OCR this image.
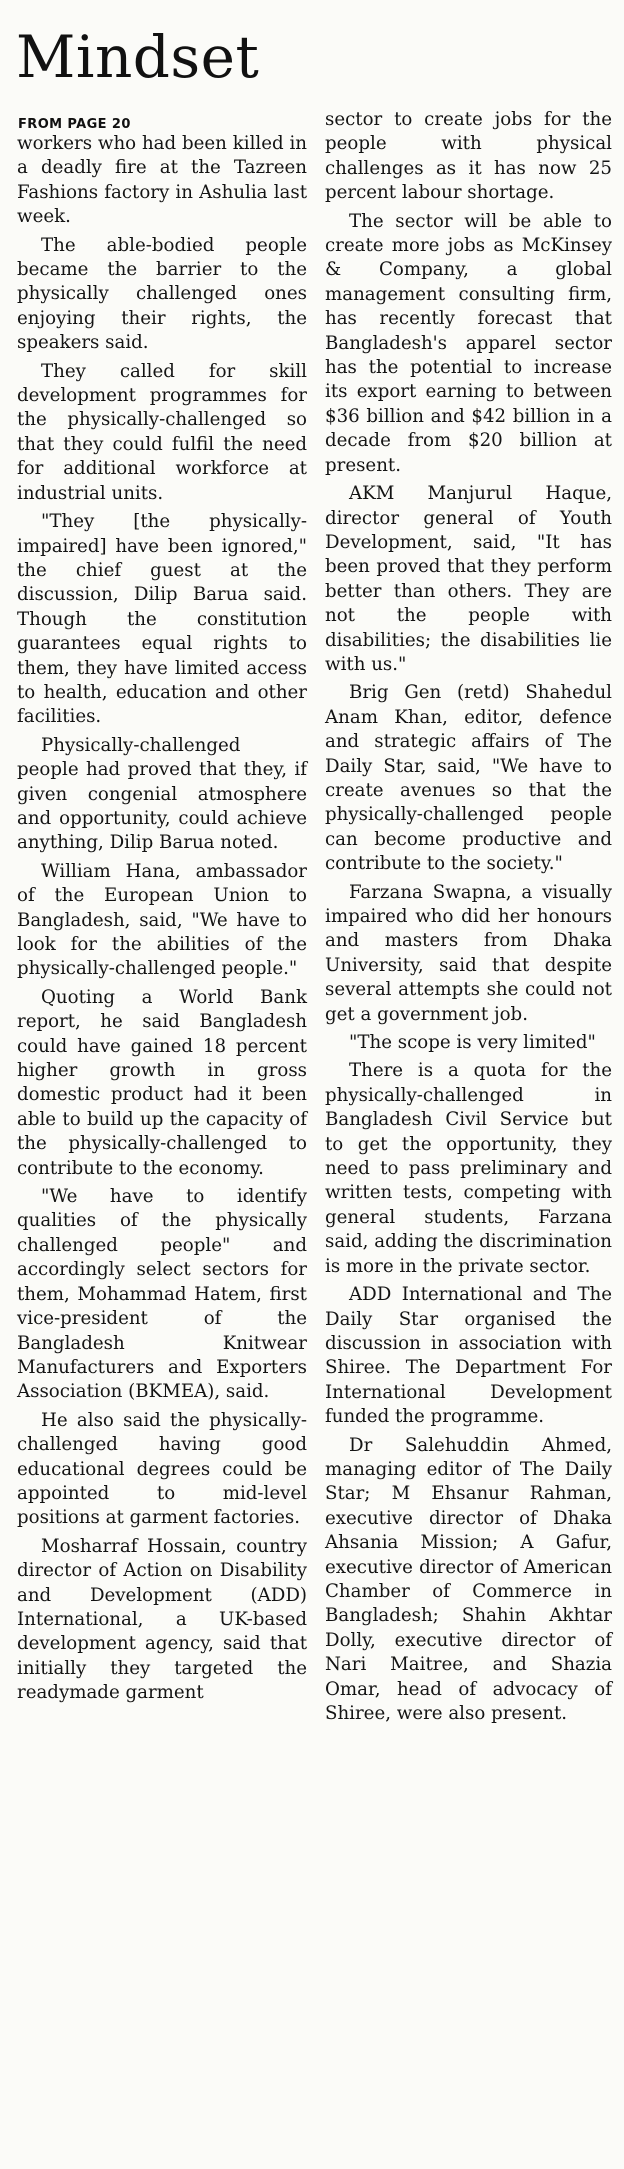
Mindset
FROM PAGE 20

workers who had been killed in a deadly fire at the Tazreen Fashions factory in Ashulia last week.

The able-bodied people became the barrier to the physically challenged ones enjoying their rights, the speakers said.

They called for skill development programmes for the physically-challenged so that they could fulfil the need for additional workforce at industrial units.

"They [the physically-impaired] have been ignored," the chief guest at the discussion, Dilip Barua said. Though the constitution guarantees equal rights to them, they have limited access to health, education and other facilities.

Physically-challenged people had proved that they, if given congenial atmosphere and opportunity, could achieve anything, Dilip Barua noted.

William Hana, ambassador of the European Union to Bangladesh, said, "We have to look for the abilities of the physically-challenged people."

Quoting a World Bank report, he said Bangladesh could have gained 18 percent higher growth in gross domestic product had it been able to build up the capacity of the physically-challenged to contribute to the economy.

"We have to identify qualities of the physically challenged people" and accordingly select sectors for them, Mohammad Hatem, first vice-president of the Bangladesh Knitwear Manufacturers and Exporters Association (BKMEA), said.

He also said the physically-challenged having good educational degrees could be appointed to mid-level positions at garment factories.

Mosharraf Hossain, country director of Action on Disability and Development (ADD) International, a UK-based development agency, said that initially they targeted the readymade garment

sector to create jobs for the people with physical challenges as it has now 25 percent labour shortage.

The sector will be able to create more jobs as McKinsey & Company, a global management consulting firm, has recently forecast that Bangladesh's apparel sector has the potential to increase its export earning to between $36 billion and $42 billion in a decade from $20 billion at present.

AKM Manjurul Haque, director general of Youth Development, said, "It has been proved that they perform better than others. They are not the people with disabilities; the disabilities lie with us."

Brig Gen (retd) Shahedul Anam Khan, editor, defence and strategic affairs of The Daily Star, said, "We have to create avenues so that the physically-challenged people can become productive and contribute to the society."

Farzana Swapna, a visually impaired who did her honours and masters from Dhaka University, said that despite several attempts she could not get a government job.

"The scope is very limited"

There is a quota for the physically-challenged in Bangladesh Civil Service but to get the opportunity, they need to pass preliminary and written tests, competing with general students, Farzana said, adding the discrimination is more in the private sector.

ADD International and The Daily Star organised the discussion in association with Shiree. The Department For International Development funded the programme.

Dr Salehuddin Ahmed, managing editor of The Daily Star; M Ehsanur Rahman, executive director of Dhaka Ahsania Mission; A Gafur, executive director of American Chamber of Commerce in Bangladesh; Shahin Akhtar Dolly, executive director of Nari Maitree, and Shazia Omar, head of advocacy of Shiree, were also present.
